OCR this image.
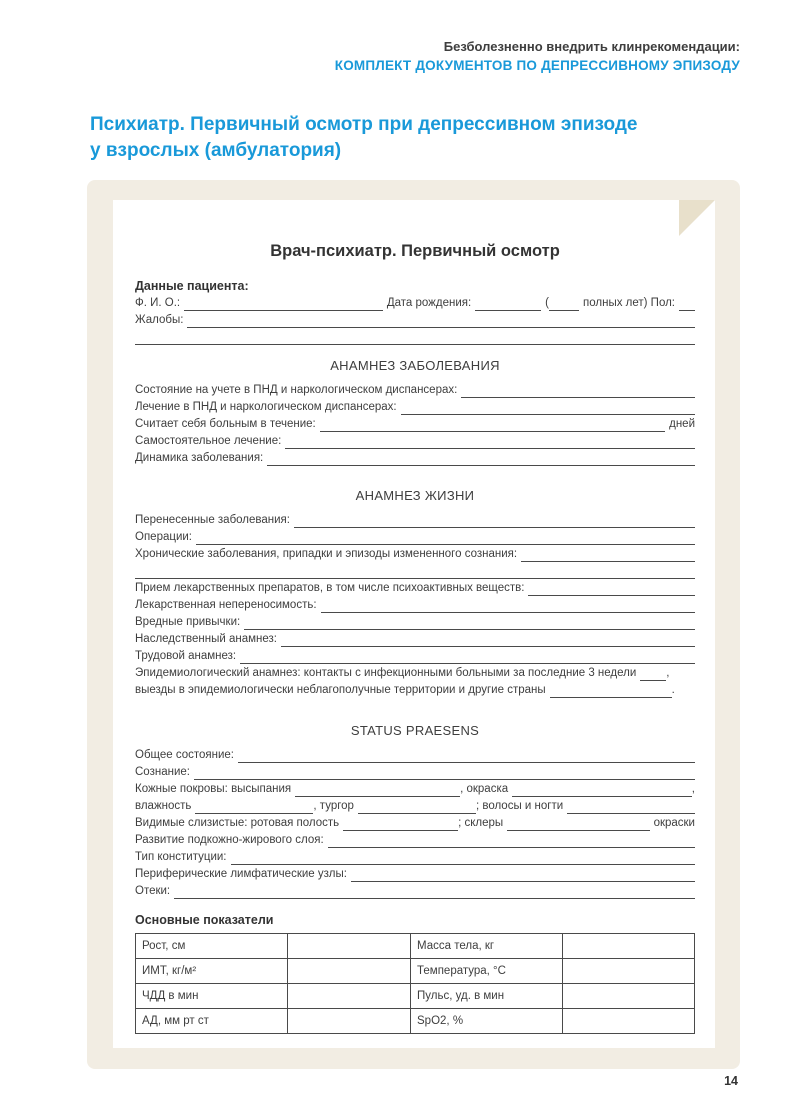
Безболезненно внедрить клинрекомендации:
КОМПЛЕКТ ДОКУМЕНТОВ ПО ДЕПРЕССИВНОМУ ЭПИЗОДУ
Психиатр. Первичный осмотр при депрессивном эпизоде
у взрослых (амбулатория)
Врач-психиатр. Первичный осмотр
Данные пациента:
Ф. И. О.:	Дата рождения:	(	полных лет) Пол:
Жалобы:
АНАМНЕЗ ЗАБОЛЕВАНИЯ
Состояние на учете в ПНД и наркологическом диспансерах:
Лечение в ПНД и наркологическом диспансерах:
Считает себя больным в течение:	дней
Самостоятельное лечение:
Динамика заболевания:
АНАМНЕЗ ЖИЗНИ
Перенесенные заболевания:
Операции:
Хронические заболевания, припадки и эпизоды измененного сознания:
Прием лекарственных препаратов, в том числе психоактивных веществ:
Лекарственная непереносимость:
Вредные привычки:
Наследственный анамнез:
Трудовой анамнез:
Эпидемиологический анамнез: контакты с инфекционными больными за последние 3 недели	,
выезды в эпидемиологически неблагополучные территории и другие страны	.
STATUS PRAESENS
Общее состояние:
Сознание:
Кожные покровы: высыпания	, окраска	,
влажность	, тургор	; волосы и ногти
Видимые слизистые: ротовая полость	; склеры	окраски
Развитие подкожно-жирового слоя:
Тип конституции:
Периферические лимфатические узлы:
Отеки:
Основные показатели
Рост, см		Масса тела, кг	
ИМТ, кг/м²		Температура, °С	
ЧДД в мин		Пульс, уд. в мин	
АД, мм рт ст		SpO2, %	
14
